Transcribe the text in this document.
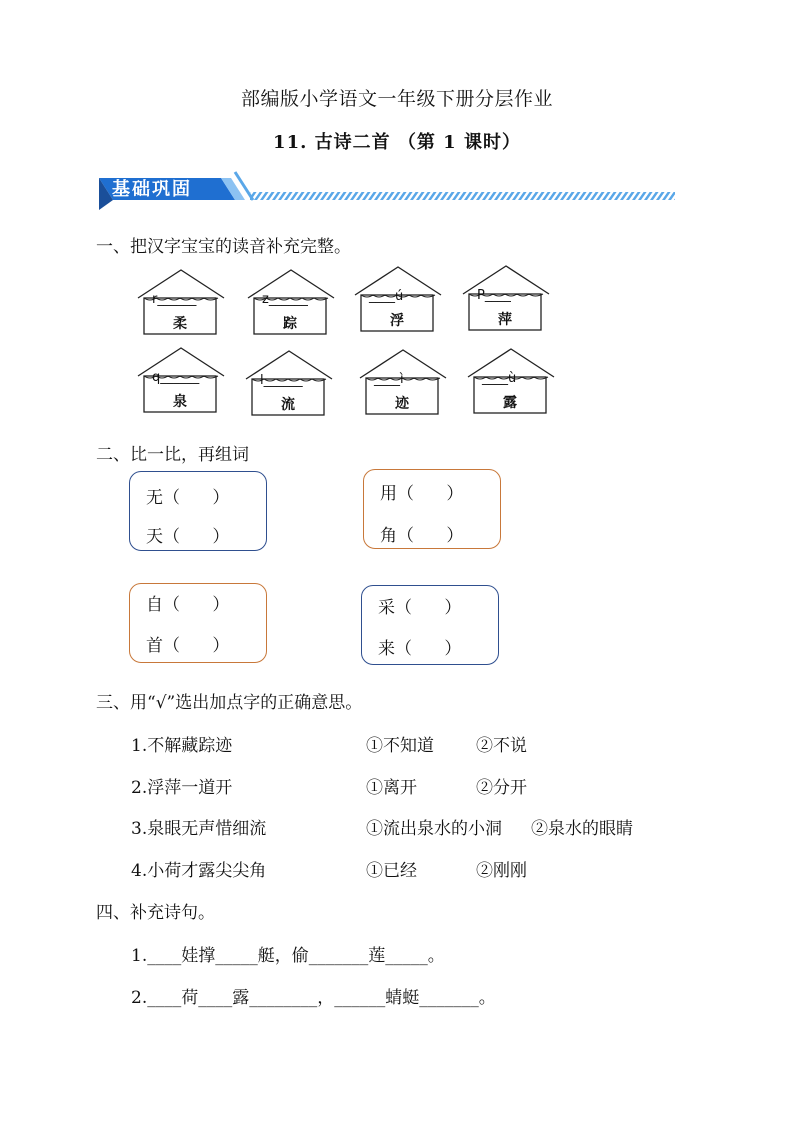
部编版小学语文一年级下册分层作业
11. 古诗二首 （第 1 课时）
基础巩固
一、把汉字宝宝的读音补充完整。
r______
柔
z______
踪
____ú
浮
P____
萍
q______
泉
l______
流
____ì
迹
____ù
露
二、比一比，再组词
无（      ）
天（      ）
用（      ）
角（      ）
自（      ）
首（      ）
采（      ）
来（      ）
三、用“√”选出加点字的正确意思。
1.不解藏踪迹	①不知道 ②不说
2.浮萍一道开	①离开	②分开
3.泉眼无声惜细流	①流出泉水的小洞 ②泉水的眼睛
4.小荷才露尖尖角	①已经	②刚刚
四、补充诗句。
1.____娃撑_____艇，偷_______莲_____。
2.____荷____露________，______蜻蜓_______。
